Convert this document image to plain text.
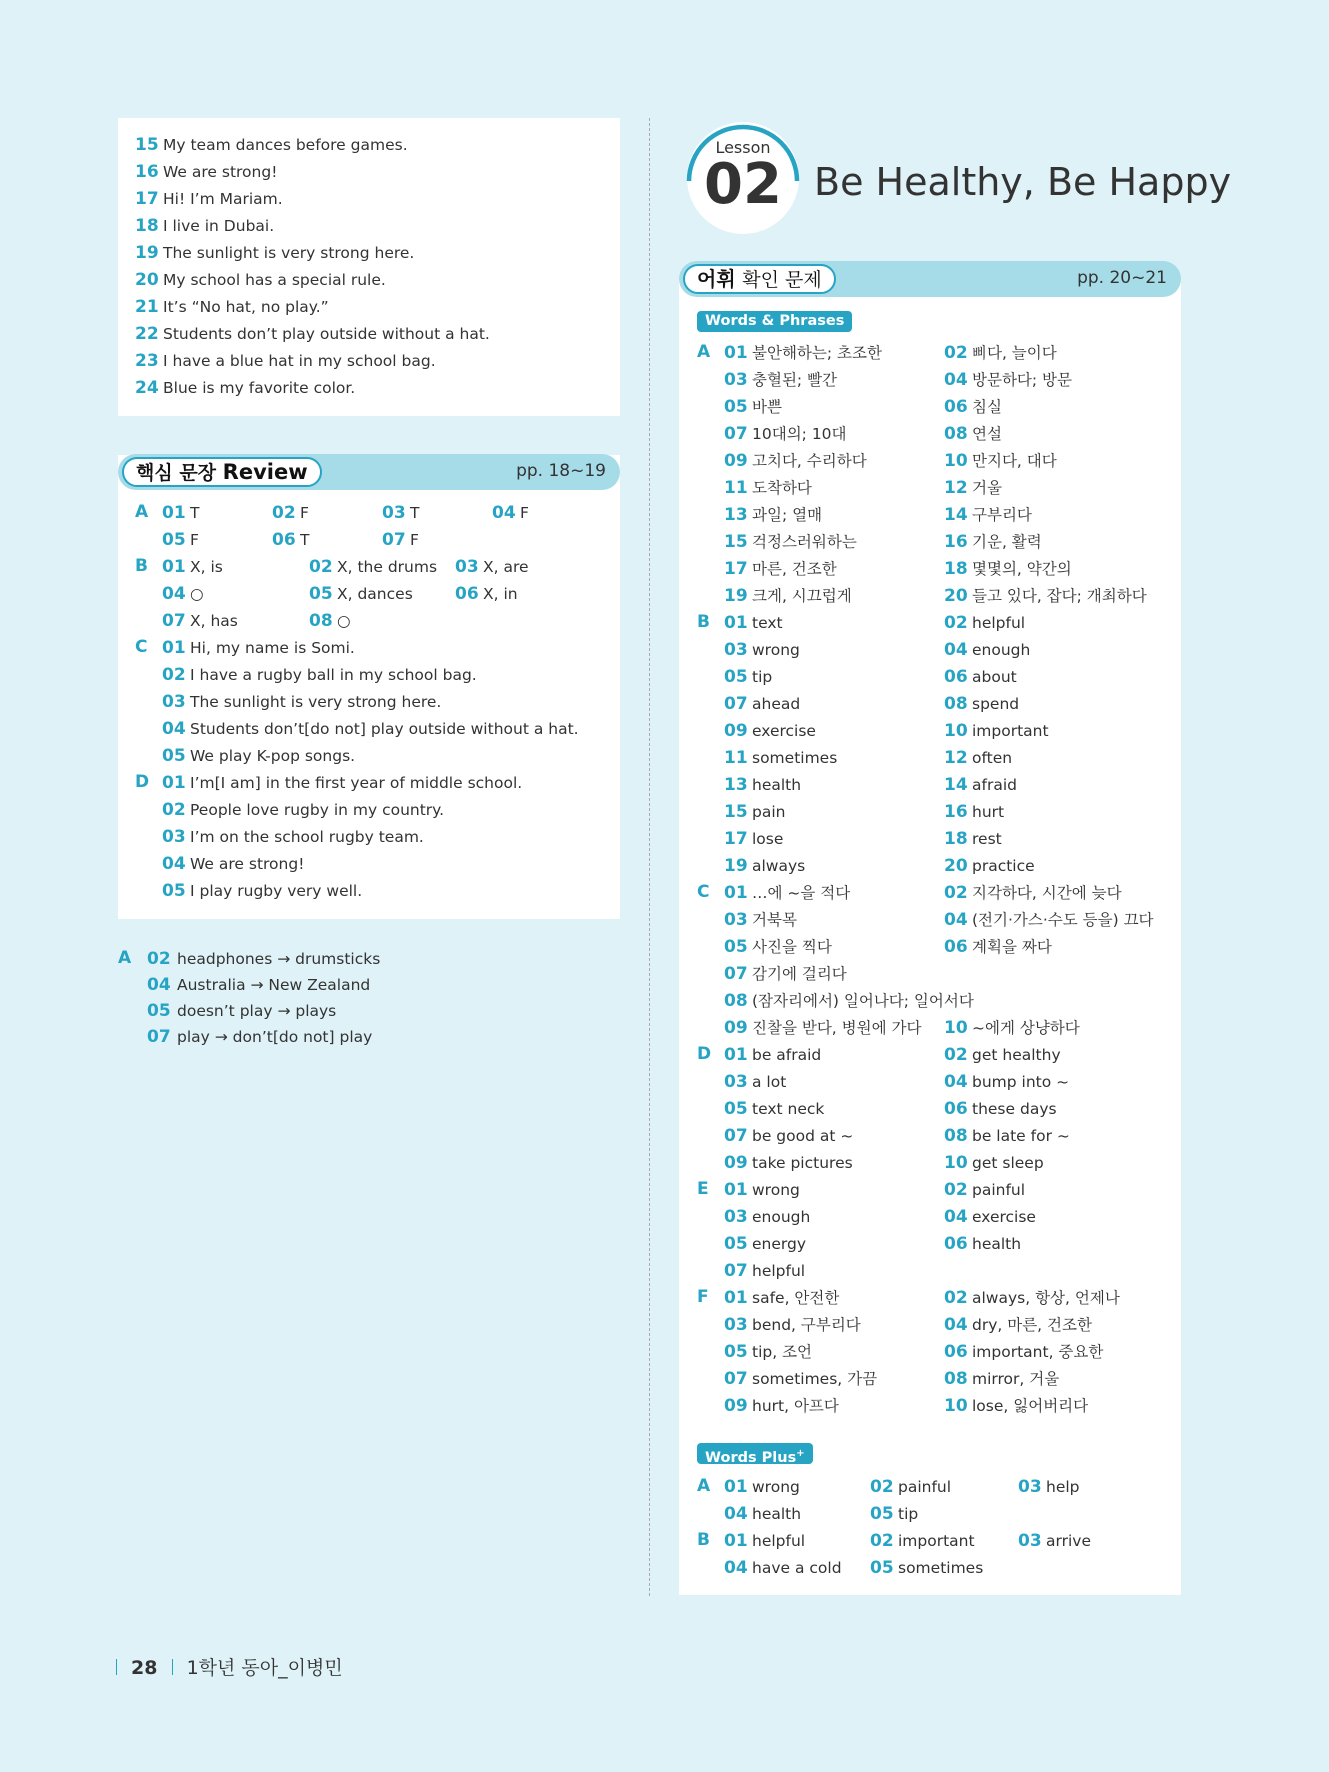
핵심 문장 Review	pp. 18~19
Lesson
02 Be Healthy, Be Happy
어휘 확인 문제	pp. 20~21
Words & Phrases
Words Plus+
28 1학년 동아_이병민
15 My team dances before games.
16 We are strong!
17 Hi! I’m Mariam.
18 I live in Dubai.
19 The sunlight is very strong here.
20 My school has a special rule.
21 It’s “No hat, no play.”
22 Students don’t play outside without a hat.
23 I have a blue hat in my school bag.
24 Blue is my favorite color.
A 01 T	02 F	03 T	04 F
05 F	06 T	07 F
B 01 X, is	02 X, the drums 03 X, are
04 ○	05 X, dances 06 X, in
07 X, has	08 ○
C 01 Hi, my name is Somi.
02 I have a rugby ball in my school bag.
03 The sunlight is very strong here.
04 Students don’t[do not] play outside without a hat.
05 We play K-pop songs.
D 01 I’m[I am] in the first year of middle school.
02 People love rugby in my country.
03 I’m on the school rugby team.
04 We are strong!
05 I play rugby very well.
A 02 headphones → drumsticks
04 Australia → New Zealand
05 doesn’t play → plays
07 play → don’t[do not] play
A 01 불안해하는; 초조한	02 삐다, 늘이다
03 충혈된; 빨간	04 방문하다; 방문
05 바쁜	06 침실
07 10대의; 10대	08 연설
09 고치다, 수리하다	10 만지다, 대다
11 도착하다	12 거울
13 과일; 열매	14 구부리다
15 걱정스러워하는	16 기운, 활력
17 마른, 건조한	18 몇몇의, 약간의
19 크게, 시끄럽게	20 들고 있다, 잡다; 개최하다
B 01 text	02 helpful
03 wrong	04 enough
05 tip	06 about
07 ahead	08 spend
09 exercise	10 important
11 sometimes	12 often
13 health	14 afraid
15 pain	16 hurt
17 lose	18 rest
19 always	20 practice
C 01 …에 ~을 적다	02 지각하다, 시간에 늦다
03 거북목	04 (전기·가스·수도 등을) 끄다
05 사진을 찍다	06 계획을 짜다
07 감기에 걸리다
08 (잠자리에서) 일어나다; 일어서다
09 진찰을 받다, 병원에 가다 10 ~에게 상냥하다
D 01 be afraid	02 get healthy
03 a lot	04 bump into ~
05 text neck	06 these days
07 be good at ~	08 be late for ~
09 take pictures	10 get sleep
E 01 wrong	02 painful
03 enough	04 exercise
05 energy	06 health
07 helpful
F 01 safe, 안전한	02 always, 항상, 언제나
03 bend, 구부리다	04 dry, 마른, 건조한
05 tip, 조언	06 important, 중요한
07 sometimes, 가끔	08 mirror, 거울
09 hurt, 아프다	10 lose, 잃어버리다
A 01 wrong	02 painful	03 help
04 health	05 tip
B 01 helpful	02 important	03 arrive
04 have a cold 05 sometimes
